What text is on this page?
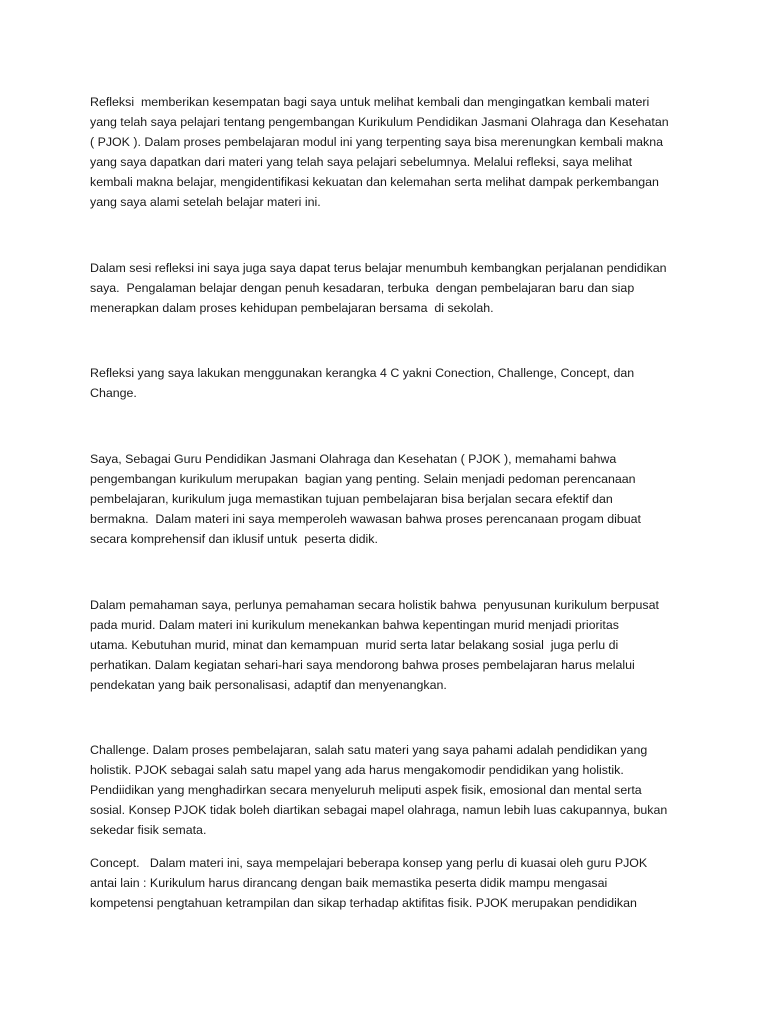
Refleksi  memberikan kesempatan bagi saya untuk melihat kembali dan mengingatkan kembali materi
yang telah saya pelajari tentang pengembangan Kurikulum Pendidikan Jasmani Olahraga dan Kesehatan
( PJOK ). Dalam proses pembelajaran modul ini yang terpenting saya bisa merenungkan kembali makna
yang saya dapatkan dari materi yang telah saya pelajari sebelumnya. Melalui refleksi, saya melihat
kembali makna belajar, mengidentifikasi kekuatan dan kelemahan serta melihat dampak perkembangan
yang saya alami setelah belajar materi ini.

Dalam sesi refleksi ini saya juga saya dapat terus belajar menumbuh kembangkan perjalanan pendidikan
saya.  Pengalaman belajar dengan penuh kesadaran, terbuka  dengan pembelajaran baru dan siap
menerapkan dalam proses kehidupan pembelajaran bersama  di sekolah.

Refleksi yang saya lakukan menggunakan kerangka 4 C yakni Conection, Challenge, Concept, dan
Change.

Saya, Sebagai Guru Pendidikan Jasmani Olahraga dan Kesehatan ( PJOK ), memahami bahwa
pengembangan kurikulum merupakan  bagian yang penting. Selain menjadi pedoman perencanaan
pembelajaran, kurikulum juga memastikan tujuan pembelajaran bisa berjalan secara efektif dan
bermakna.  Dalam materi ini saya memperoleh wawasan bahwa proses perencanaan progam dibuat
secara komprehensif dan iklusif untuk  peserta didik.

Dalam pemahaman saya, perlunya pemahaman secara holistik bahwa  penyusunan kurikulum berpusat
pada murid. Dalam materi ini kurikulum menekankan bahwa kepentingan murid menjadi prioritas
utama. Kebutuhan murid, minat dan kemampuan  murid serta latar belakang sosial  juga perlu di
perhatikan. Dalam kegiatan sehari-hari saya mendorong bahwa proses pembelajaran harus melalui
pendekatan yang baik personalisasi, adaptif dan menyenangkan.

Challenge. Dalam proses pembelajaran, salah satu materi yang saya pahami adalah pendidikan yang
holistik. PJOK sebagai salah satu mapel yang ada harus mengakomodir pendidikan yang holistik.
Pendiidikan yang menghadirkan secara menyeluruh meliputi aspek fisik, emosional dan mental serta
sosial. Konsep PJOK tidak boleh diartikan sebagai mapel olahraga, namun lebih luas cakupannya, bukan
sekedar fisik semata.

Concept.   Dalam materi ini, saya mempelajari beberapa konsep yang perlu di kuasai oleh guru PJOK
antai lain : Kurikulum harus dirancang dengan baik memastika peserta didik mampu mengasai
kompetensi pengtahuan ketrampilan dan sikap terhadap aktifitas fisik. PJOK merupakan pendidikan
